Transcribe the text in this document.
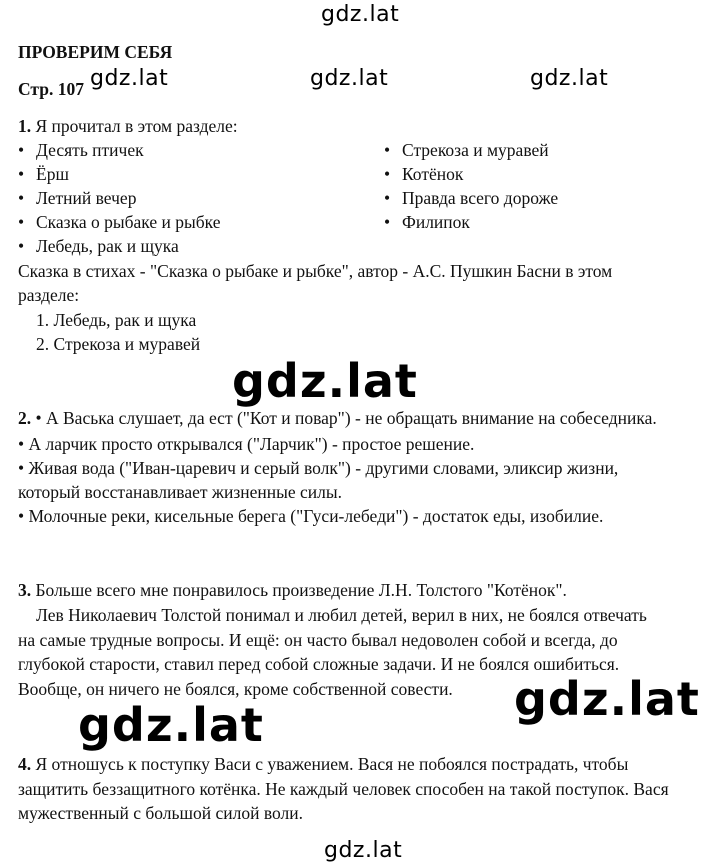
gdz.lat
gdz.lat	gdz.lat	gdz.lat
gdz.lat
gdz.lat
gdz.lat
gdz.lat
ПРОВЕРИМ СЕБЯ
Стр. 107
1. Я прочитал в этом разделе:
• Десять птичек
• Ёрш
• Летний вечер
• Сказка о рыбаке и рыбке
• Лебедь, рак и щука
• Стрекоза и муравей
• Котёнок
• Правда всего дороже
• Филипок
Сказка в стихах - "Сказка о рыбаке и рыбке", автор - А.С. Пушкин Басни в этом
разделе:
1. Лебедь, рак и щука
2. Стрекоза и муравей
2. • А Васька слушает, да ест ("Кот и повар") - не обращать внимание на собеседника.
• А ларчик просто открывался ("Ларчик") - простое решение.
• Живая вода ("Иван-царевич и серый волк") - другими словами, эликсир жизни,
который восстанавливает жизненные силы.
• Молочные реки, кисельные берега ("Гуси-лебеди") - достаток еды, изобилие.
3. Больше всего мне понравилось произведение Л.Н. Толстого "Котёнок".
Лев Николаевич Толстой понимал и любил детей, верил в них, не боялся отвечать
на самые трудные вопросы. И ещё: он часто бывал недоволен собой и всегда, до
глубокой старости, ставил перед собой сложные задачи. И не боялся ошибиться.
Вообще, он ничего не боялся, кроме собственной совести.
4. Я отношусь к поступку Васи с уважением. Вася не побоялся пострадать, чтобы
защитить беззащитного котёнка. Не каждый человек способен на такой поступок. Вася
мужественный с большой силой воли.
